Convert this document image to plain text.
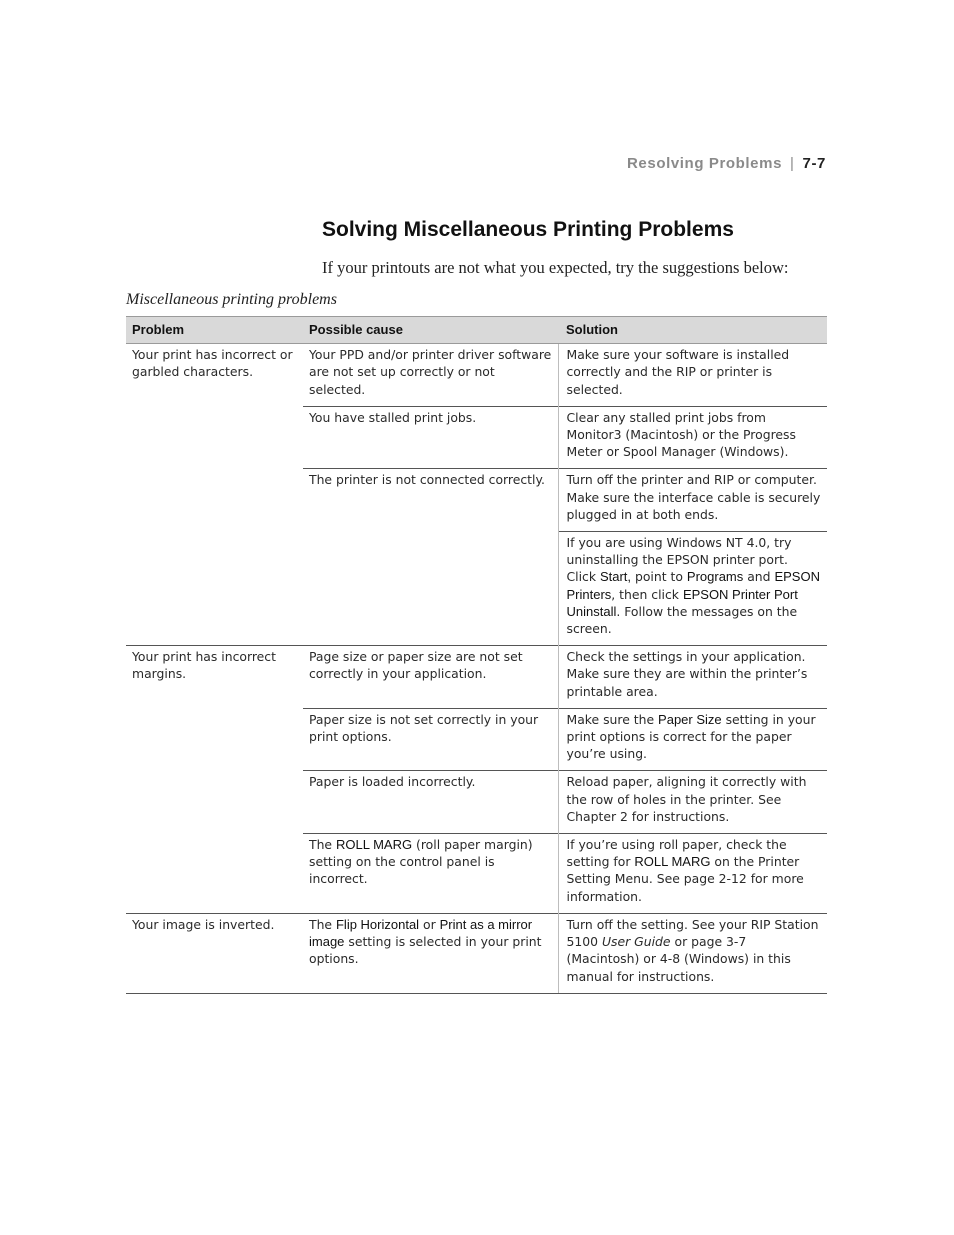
Resolving Problems | 7-7
Solving Miscellaneous Printing Problems

If your printouts are not what you expected, try the suggestions below:

Miscellaneous printing problems

Problem	Possible cause	Solution
Your print has incorrect or garbled characters.	Your PPD and/or printer driver software are not set up correctly or not selected.	Make sure your software is installed correctly and the RIP or printer is selected.
	You have stalled print jobs.	Clear any stalled print jobs from Monitor3 (Macintosh) or the Progress Meter or Spool Manager (Windows).
	The printer is not connected correctly.	Turn off the printer and RIP or computer. Make sure the interface cable is securely plugged in at both ends.
		If you are using Windows NT 4.0, try uninstalling the EPSON printer port. Click Start, point to Programs and EPSON Printers, then click EPSON Printer Port Uninstall. Follow the messages on the screen.
Your print has incorrect margins.	Page size or paper size are not set correctly in your application.	Check the settings in your application. Make sure they are within the printer’s printable area.
	Paper size is not set correctly in your print options.	Make sure the Paper Size setting in your print options is correct for the paper you’re using.
	Paper is loaded incorrectly.	Reload paper, aligning it correctly with the row of holes in the printer. See Chapter 2 for instructions.
	The ROLL MARG (roll paper margin) setting on the control panel is incorrect.	If you’re using roll paper, check the setting for ROLL MARG on the Printer Setting Menu. See page 2-12 for more information.
Your image is inverted.	The Flip Horizontal or Print as a mirror image setting is selected in your print options.	Turn off the setting. See your RIP Station 5100 User Guide or page 3-7 (Macintosh) or 4-8 (Windows) in this manual for instructions.
